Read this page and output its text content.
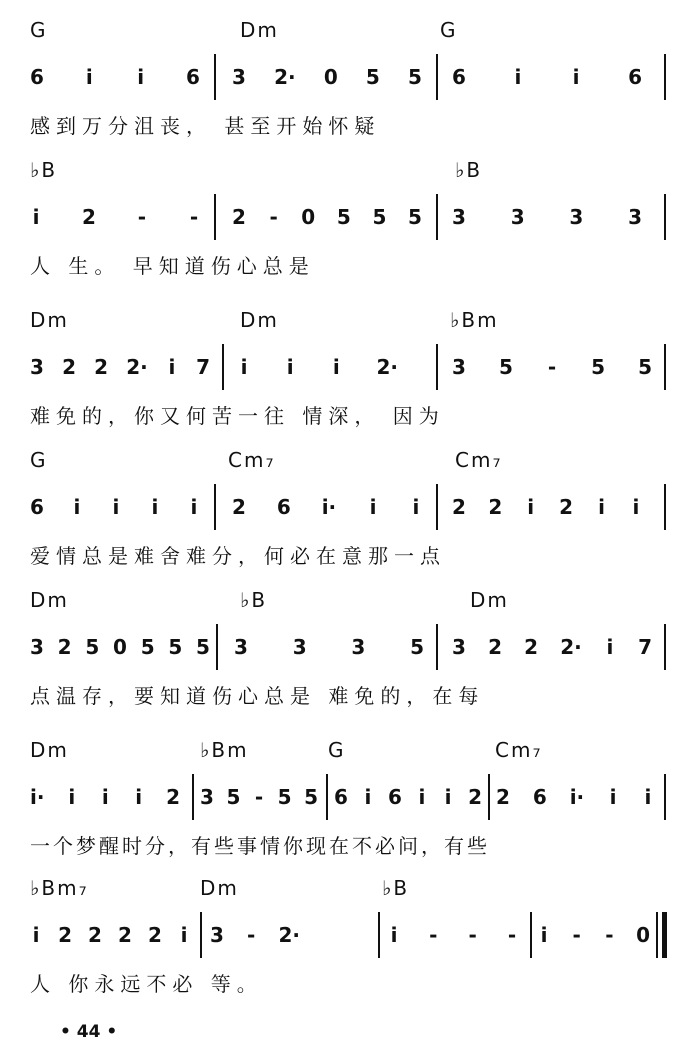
G	Dm	G
6 i i 6 3 2· 0 5 5 6 i	i 6
感到万分沮丧， 甚至开始怀疑
♭B	♭B
i 2 - - 2 - 0 5 5 5 3 3 3 3
人 生。 早知道伤心总是
Dm	Dm	♭Bm
3 2 2 2· i 7 i i i 2·	3 5 - 5 5
难免的，你又何苦一往 情深， 因为
G	Cm₇	Cm₇
6 i i i i 2 6 i· i i 2 2 i 2 i i
爱情总是难舍难分，何必在意那一点
Dm	♭B	Dm
3 2 5 0 5 5 5 3 3 3 5 3 2 2 2· i 7
点温存，要知道伤心总是 难免的，在每
Dm	♭Bm	G	Cm₇
i· i i i 2 3 5 - 5 5 6 i 6 i i 2 2 6 i· i i
一个梦醒时分，有些事情你现在不必问，有些
♭Bm₇	Dm	♭B
i 2 2 2 2 i 3 - 2·	i - - - i - - 0
人 你永远不必 等。
• 44 •
